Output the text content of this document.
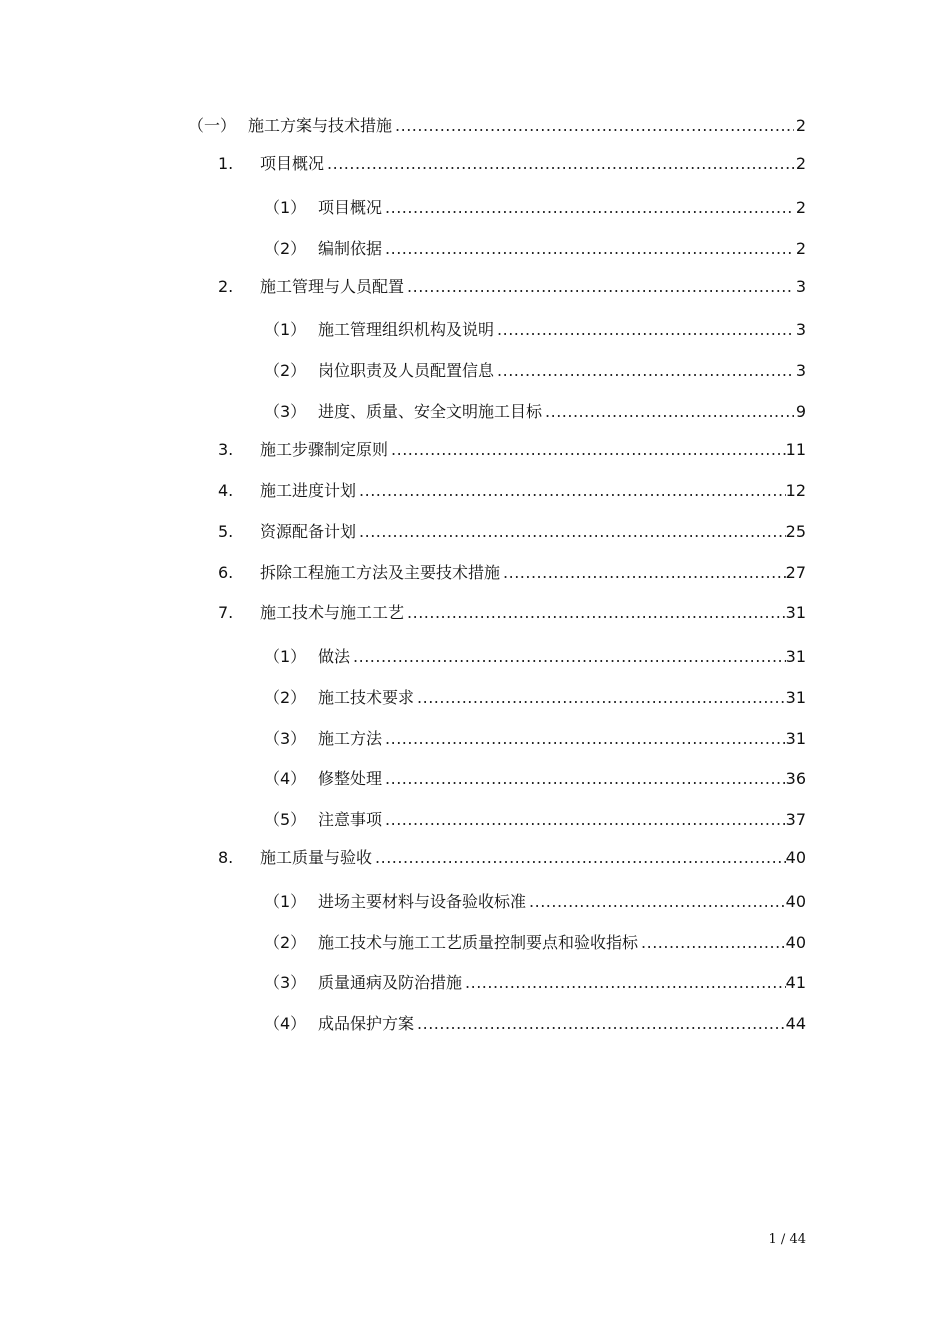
（一） 施工方案与技术措施 .....	2
1.	项目概况 .....	2
（1） 项目概况 .....	2
（2） 编制依据 .....	2
2.	施工管理与人员配置 .....	3
（1） 施工管理组织机构及说明 .....	3
（2） 岗位职责及人员配置信息 .....	3
（3） 进度、质量、安全文明施工目标 .....	9
3.	施工步骤制定原则 .....	11
4.	施工进度计划 .....	12
5.	资源配备计划 .....	25
6.	拆除工程施工方法及主要技术措施 .....	27
7.	施工技术与施工工艺 .....	31
（1） 做法 .....	31
（2） 施工技术要求 .....	31
（3） 施工方法 .....	31
（4） 修整处理 .....	36
（5） 注意事项 .....	37
8.	施工质量与验收 .....	40
（1） 进场主要材料与设备验收标准 .....	40
（2） 施工技术与施工工艺质量控制要点和验收指标 .....	40
（3） 质量通病及防治措施 .....	41
（4） 成品保护方案 .....	44
1 / 44
